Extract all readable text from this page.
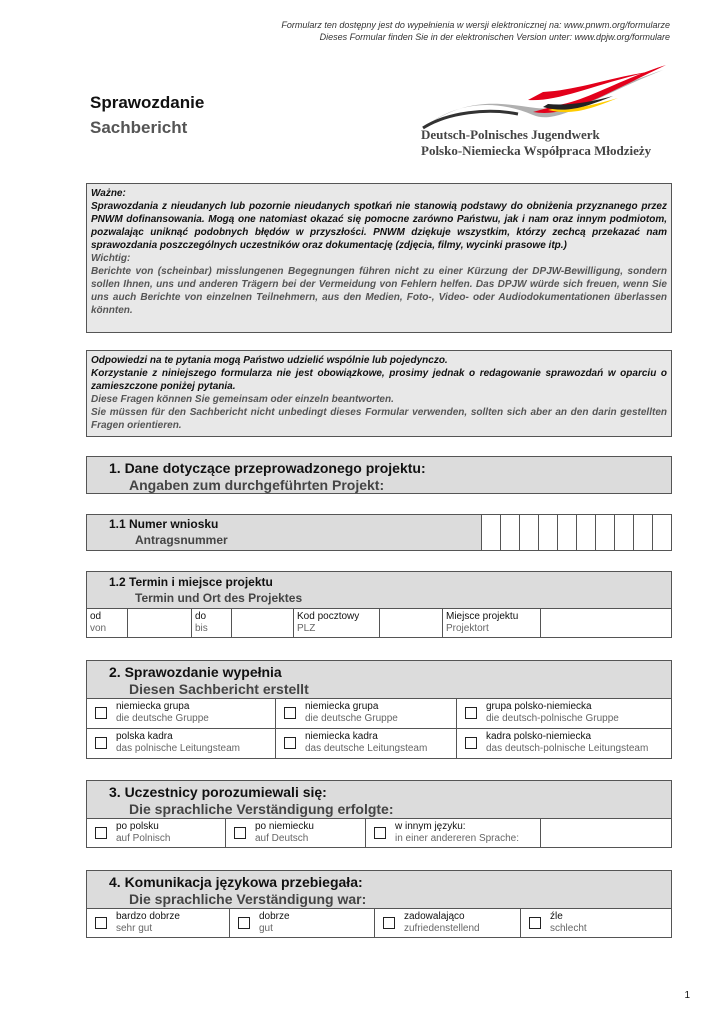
Formularz ten dostępny jest do wypełnienia w wersji elektronicznej na: www.pnwm.org/formularze
Dieses Formular finden Sie in der elektronischen Version unter: www.dpjw.org/formulare
Sprawozdanie
Sachbericht	Deutsch-Polnisches Jugendwerk
Polsko-Niemiecka Współpraca Młodzieży
Ważne:
Sprawozdania z nieudanych lub pozornie nieudanych spotkań nie stanowią podstawy do obniżenia przyznanego przez PNWM dofinansowania. Mogą one natomiast okazać się pomocne zarówno Państwu, jak i nam oraz innym podmiotom, pozwalając uniknąć podobnych błędów w przyszłości. PNWM dziękuje wszystkim, którzy zechcą przekazać nam sprawozdania poszczególnych uczestników oraz dokumentację (zdjęcia, filmy, wycinki prasowe itp.)
Wichtig:
Berichte von (scheinbar) misslungenen Begegnungen führen nicht zu einer Kürzung der DPJW-Bewilligung, sondern sollen Ihnen, uns und anderen Trägern bei der Vermeidung von Fehlern helfen. Das DPJW würde sich freuen, wenn Sie uns auch Berichte von einzelnen Teilnehmern, aus den Medien, Foto-, Video- oder Audiodokumentationen überlassen könnten.
Odpowiedzi na te pytania mogą Państwo udzielić wspólnie lub pojedynczo.
Korzystanie z niniejszego formularza nie jest obowiązkowe, prosimy jednak o redagowanie sprawozdań w oparciu o zamieszczone poniżej pytania.
Diese Fragen können Sie gemeinsam oder einzeln beantworten.
Sie müssen für den Sachbericht nicht unbedingt dieses Formular verwenden, sollten sich aber an den darin gestellten Fragen orientieren.
1. Dane dotyczące przeprowadzonego projektu:
Angaben zum durchgeführten Projekt:
1.1 Numer wniosku
Antragsnummer
1.2 Termin i miejsce projektu
Termin und Ort des Projektes
od
von
do
bis
Kod pocztowy
PLZ
Miejsce projektu
Projektort
2. Sprawozdanie wypełnia
Diesen Sachbericht erstellt
niemiecka grupa
die deutsche Gruppe
niemiecka grupa
die deutsche Gruppe
grupa polsko-niemiecka
die deutsch-polnische Gruppe
polska kadra
das polnische Leitungsteam
niemiecka kadra
das deutsche Leitungsteam
kadra polsko-niemiecka
das deutsch-polnische Leitungsteam
3. Uczestnicy porozumiewali się:
Die sprachliche Verständigung erfolgte:
po polsku
auf Polnisch
po niemiecku
auf Deutsch
w innym języku:
in einer andereren Sprache:
4. Komunikacja językowa przebiegała:
Die sprachliche Verständigung war:
bardzo dobrze
sehr gut
dobrze
gut
zadowalająco
zufriedenstellend
źle
schlecht
1
